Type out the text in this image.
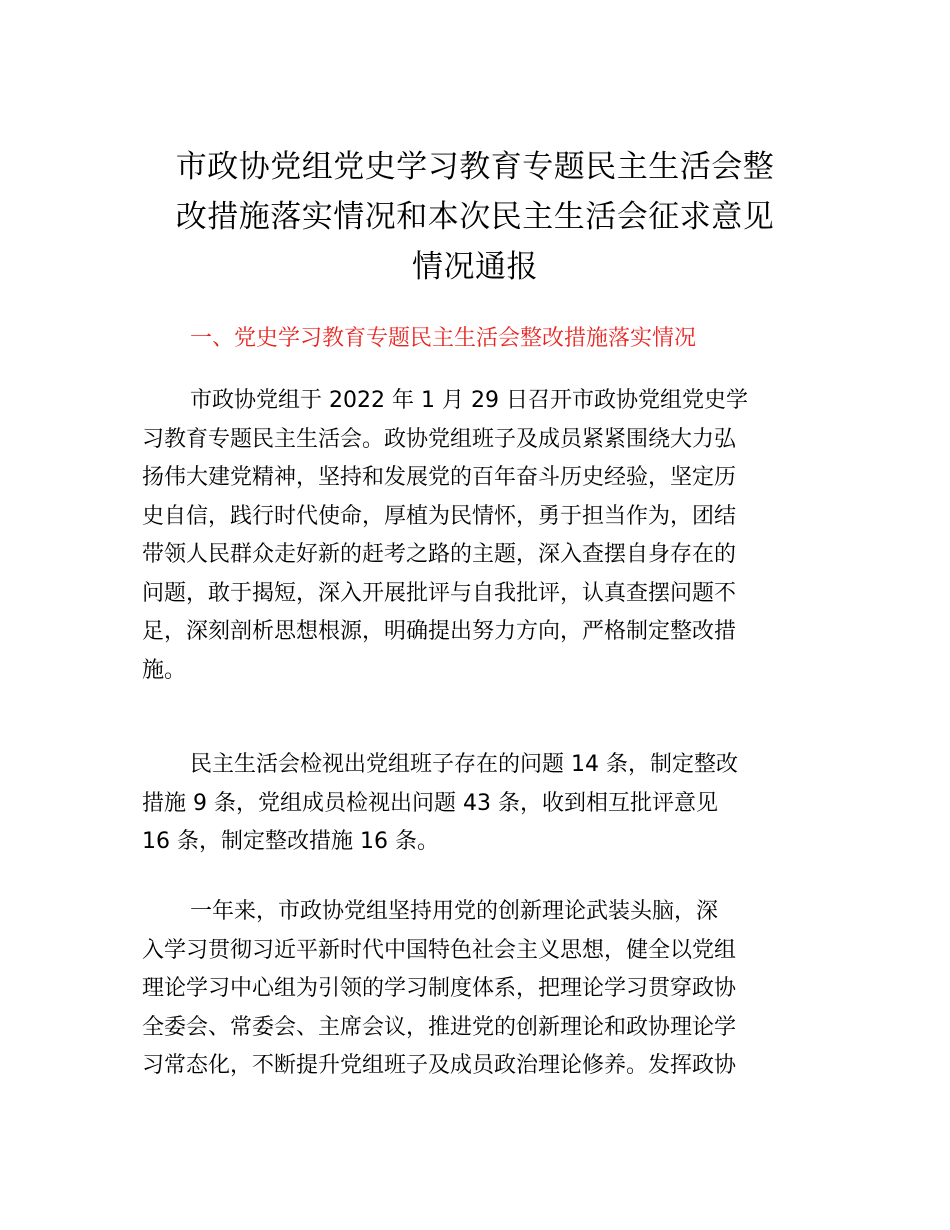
市政协党组党史学习教育专题民主生活会整
改措施落实情况和本次民主生活会征求意见
情况通报
一、党史学习教育专题民主生活会整改措施落实情况

市政协党组于 2022 年 1 月 29 日召开市政协党组党史学
习教育专题民主生活会。政协党组班子及成员紧紧围绕大力弘
扬伟大建党精神，坚持和发展党的百年奋斗历史经验，坚定历
史自信，践行时代使命，厚植为民情怀，勇于担当作为，团结
带领人民群众走好新的赶考之路的主题，深入查摆自身存在的
问题，敢于揭短，深入开展批评与自我批评，认真查摆问题不
足，深刻剖析思想根源，明确提出努力方向，严格制定整改措
施。

民主生活会检视出党组班子存在的问题 14 条，制定整改
措施 9 条，党组成员检视出问题 43 条，收到相互批评意见
16 条，制定整改措施 16 条。

一年来，市政协党组坚持用党的创新理论武装头脑，深
入学习贯彻习近平新时代中国特色社会主义思想，健全以党组
理论学习中心组为引领的学习制度体系，把理论学习贯穿政协
全委会、常委会、主席会议，推进党的创新理论和政协理论学
习常态化，不断提升党组班子及成员政治理论修养。发挥政协
